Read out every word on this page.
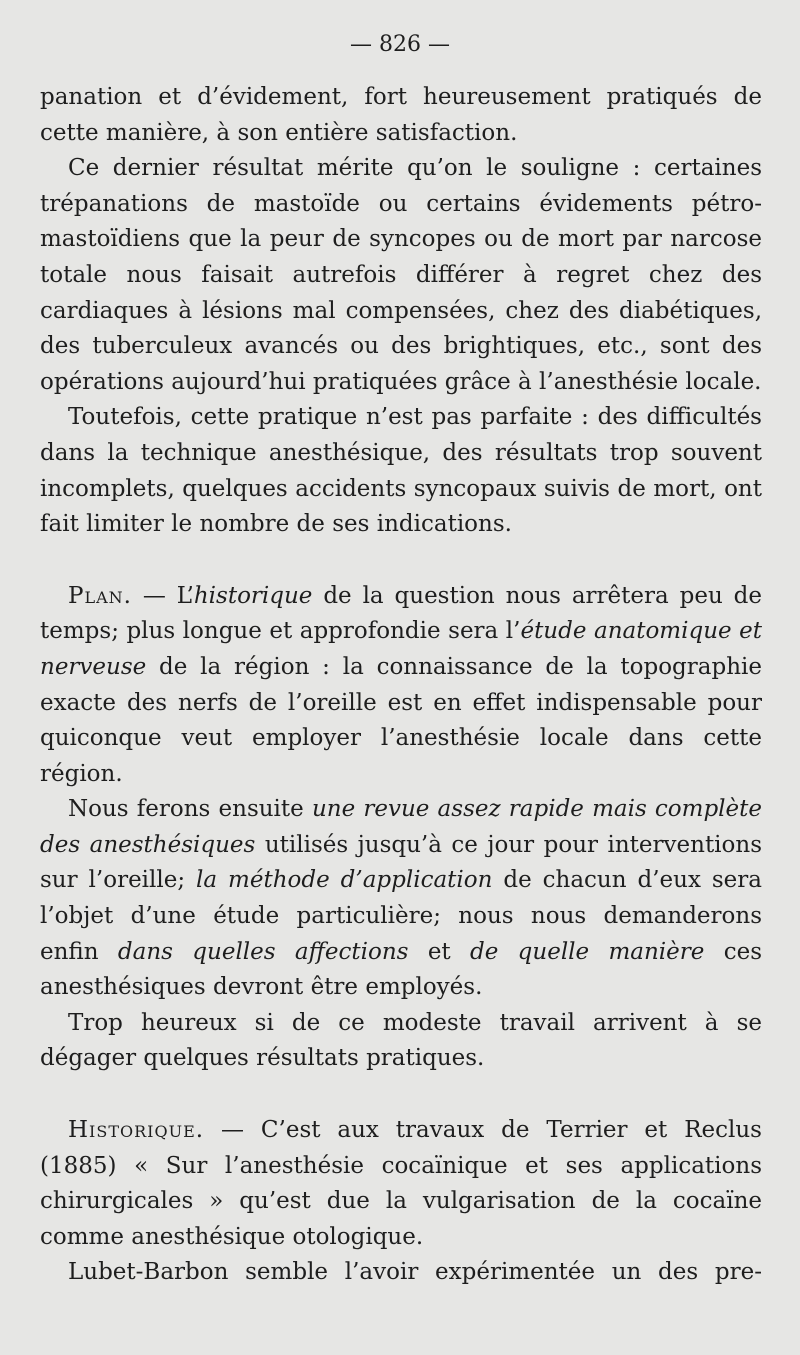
— 826 —

panation et d’évidement, fort heureusement pratiqués de cette manière, à son entière satisfaction.

Ce dernier résultat mérite qu’on le souligne : certaines trépanations de mastoïde ou certains évidements pétro-mastoïdiens que la peur de syncopes ou de mort par narcose totale nous faisait autrefois différer à regret chez des cardiaques à lésions mal compensées, chez des diabétiques, des tuberculeux avancés ou des brightiques, etc., sont des opérations aujourd’hui pratiquées grâce à l’anesthésie locale.

Toutefois, cette pratique n’est pas parfaite : des difficultés dans la technique anesthésique, des résultats trop souvent incomplets, quelques accidents syncopaux suivis de mort, ont fait limiter le nombre de ses indications.

Plan. — L’historique de la question nous arrêtera peu de temps; plus longue et approfondie sera l’étude anatomique et nerveuse de la région : la connaissance de la topographie exacte des nerfs de l’oreille est en effet indispensable pour quiconque veut employer l’anesthésie locale dans cette région.

Nous ferons ensuite une revue assez rapide mais complète des anesthésiques utilisés jusqu’à ce jour pour interventions sur l’oreille; la méthode d’application de chacun d’eux sera l’objet d’une étude particulière; nous nous demanderons enfin dans quelles affections et de quelle manière ces anesthésiques devront être employés.

Trop heureux si de ce modeste travail arrivent à se dégager quelques résultats pratiques.

Historique. — C’est aux travaux de Terrier et Reclus (1885) « Sur l’anesthésie cocaïnique et ses applications chirurgicales » qu’est due la vulgarisation de la cocaïne comme anesthésique otologique.

Lubet-Barbon semble l’avoir expérimentée un des pre-
